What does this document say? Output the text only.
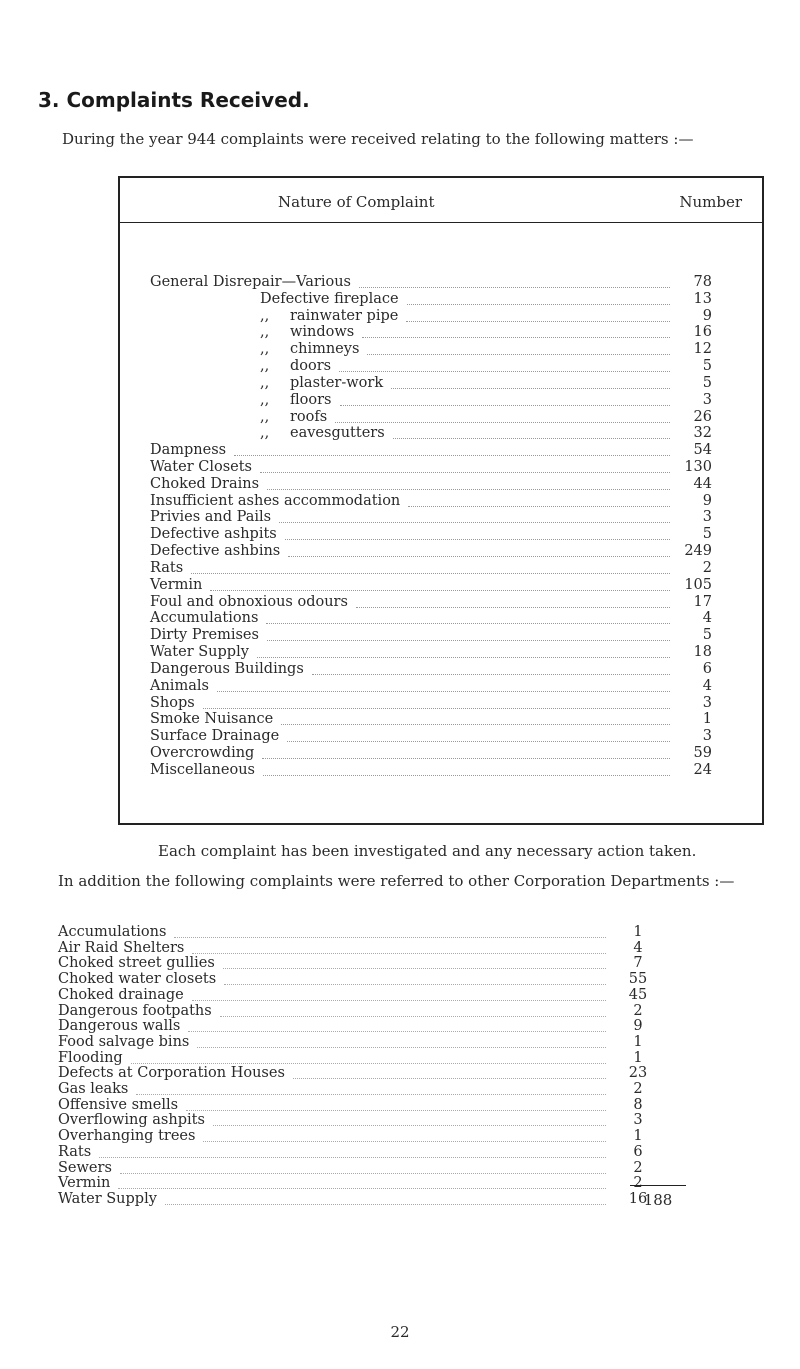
3. Complaints Received.
During the year 944 complaints were received relating to the following matters :—
Nature of Complaint	Number
General Disrepair—Various	78
Defective fireplace	13
,, rainwater pipe	9
,, windows	16
,, chimneys	12
,, doors	5
,, plaster-work	5
,, floors	3
,, roofs	26
,, eavesgutters	32
Dampness	54
Water Closets	130
Choked Drains	44
Insufficient ashes accommodation	9
Privies and Pails	3
Defective ashpits	5
Defective ashbins	249
Rats	2
Vermin	105
Foul and obnoxious odours	17
Accumulations	4
Dirty Premises	5
Water Supply	18
Dangerous Buildings	6
Animals	4
Shops	3
Smoke Nuisance	1
Surface Drainage	3
Overcrowding	59
Miscellaneous	24
Each complaint has been investigated and any necessary action taken.
In addition the following complaints were referred to other Corporation Departments :—
Accumulations	1
Air Raid Shelters	4
Choked street gullies	7
Choked water closets	55
Choked drainage	45
Dangerous footpaths	2
Dangerous walls	9
Food salvage bins	1
Flooding	1
Defects at Corporation Houses	23
Gas leaks	2
Offensive smells	8
Overflowing ashpits	3
Overhanging trees	1
Rats	6
Sewers	2
Vermin	2
Water Supply	16
188
22
